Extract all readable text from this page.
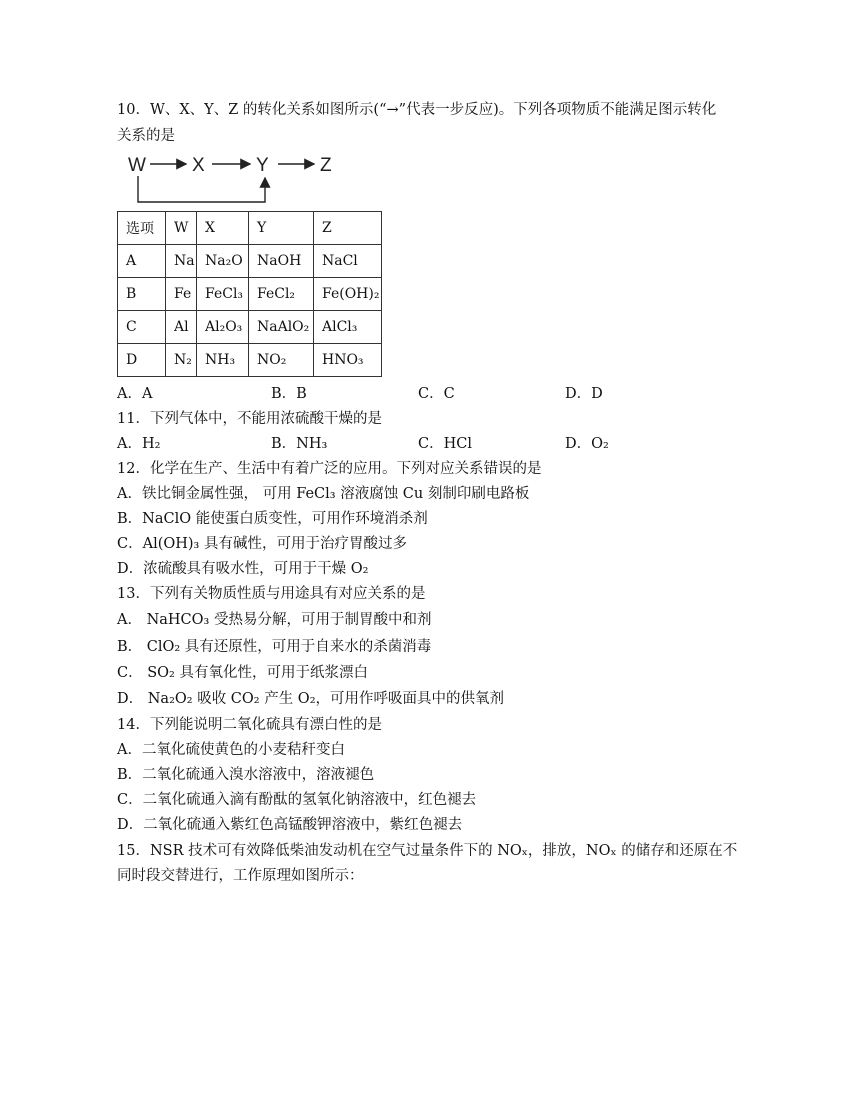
10．W、X、Y、Z 的转化关系如图所示(“→”代表一步反应)。下列各项物质不能满足图示转化
关系的是
W X	Y	Z
选项	W	X	Y	Z
A	Na	Na₂O	NaOH	NaCl
B	Fe	FeCl₃	FeCl₂	Fe(OH)₂
C	Al	Al₂O₃	NaAlO₂	AlCl₃
D	N₂	NH₃	NO₂	HNO₃
A．A	B．B	C．C	D．D
11．下列气体中，不能用浓硫酸干燥的是
A．H₂	B．NH₃	C．HCl	D．O₂
12．化学在生产、生活中有着广泛的应用。下列对应关系错误的是
A．铁比铜金属性强， 可用 FeCl₃ 溶液腐蚀 Cu 刻制印刷电路板
B．NaClO 能使蛋白质变性，可用作环境消杀剂
C．Al(OH)₃ 具有碱性，可用于治疗胃酸过多
D．浓硫酸具有吸水性，可用于干燥 O₂
13．下列有关物质性质与用途具有对应关系的是
A． NaHCO₃ 受热易分解，可用于制胃酸中和剂
B． ClO₂ 具有还原性，可用于自来水的杀菌消毒
C． SO₂ 具有氧化性，可用于纸浆漂白
D． Na₂O₂ 吸收 CO₂ 产生 O₂，可用作呼吸面具中的供氧剂
14．下列能说明二氧化硫具有漂白性的是
A．二氧化硫使黄色的小麦秸秆变白
B．二氧化硫通入溴水溶液中，溶液褪色
C．二氧化硫通入滴有酚酞的氢氧化钠溶液中，红色褪去
D．二氧化硫通入紫红色高锰酸钾溶液中，紫红色褪去
15．NSR 技术可有效降低柴油发动机在空气过量条件下的 NOₓ，排放，NOₓ 的储存和还原在不
同时段交替进行，工作原理如图所示：
